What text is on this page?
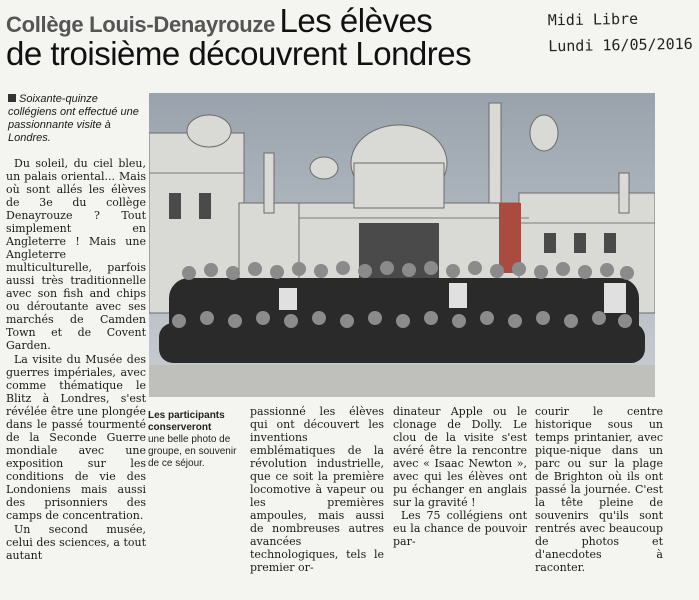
Collège Louis-Denayrouze Les élèves
de troisième découvrent Londres
Midi Libre
Lundi 16/05/2016
Soixante-quinze collégiens ont effectué une passionnante visite à Londres.

Du soleil, du ciel bleu, un palais oriental... Mais où sont allés les élèves de 3e du collège Denayrouze ? Tout simplement en Angleterre ! Mais une Angleterre multiculturelle, parfois aussi très traditionnelle avec son fish and chips ou déroutante avec ses marchés de Camden Town et de Covent Garden.

La visite du Musée des guerres impériales, avec comme thématique le Blitz à Londres, s'est révélée être une plongée dans le passé tourmenté de la Seconde Guerre mondiale avec une exposition sur les conditions de vie des Londoniens mais aussi des prisonniers des camps de concentration.

Un second musée, celui des sciences, a tout autant

Les participants conserveront
une belle photo de groupe, en souvenir de ce séjour.

passionné les élèves qui ont découvert les inventions emblématiques de la révolution industrielle, que ce soit la première locomotive à vapeur ou les premières ampoules, mais aussi de nombreuses autres avancées technologiques, tels le premier or-

dinateur Apple ou le clonage de Dolly. Le clou de la visite s'est avéré être la rencontre avec « Isaac Newton », avec qui les élèves ont pu échanger en anglais sur la gravité !

Les 75 collégiens ont eu la chance de pouvoir par-

courir le centre historique sous un temps printanier, avec pique-nique dans un parc ou sur la plage de Brighton où ils ont passé la journée. C'est la tête pleine de souvenirs qu'ils sont rentrés avec beaucoup de photos et d'anecdotes à raconter.
